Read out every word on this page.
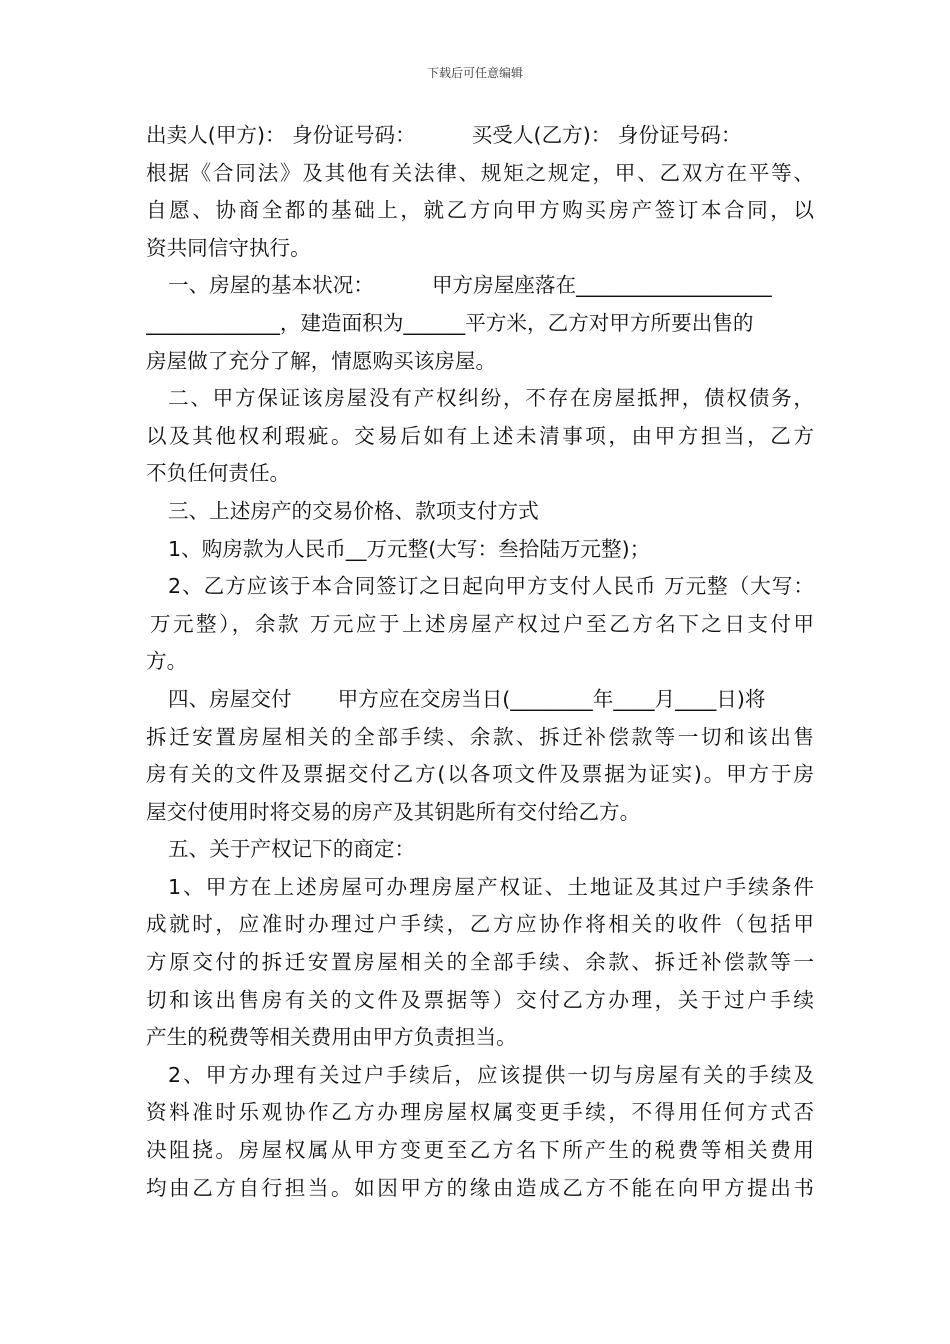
下载后可任意编辑

出卖人(甲方)： 身份证号码：	买受人(乙方)： 身份证号码：

根据《合同法》及其他有关法律、规矩之规定，甲、乙双方在平等、

自愿、协商全都的基础上，就乙方向甲方购买房产签订本合同，以

资共同信守执行。

一、房屋的基本状况：	甲方房屋座落在___________________

_____________，建造面积为______平方米，乙方对甲方所要出售的

房屋做了充分了解，情愿购买该房屋。

二、甲方保证该房屋没有产权纠纷，不存在房屋抵押，债权债务，

以及其他权利瑕疵。交易后如有上述未清事项，由甲方担当，乙方

不负任何责任。

三、上述房产的交易价格、款项支付方式

1、购房款为人民币__万元整(大写：叁拾陆万元整)；

2、乙方应该于本合同签订之日起向甲方支付人民币 万元整（大写：

万元整），余款 万元应于上述房屋产权过户至乙方名下之日支付甲

方。

四、房屋交付 甲方应在交房当日(________年____月____日)将

拆迁安置房屋相关的全部手续、余款、拆迁补偿款等一切和该出售

房有关的文件及票据交付乙方(以各项文件及票据为证实)。甲方于房

屋交付使用时将交易的房产及其钥匙所有交付给乙方。

五、关于产权记下的商定：

1、甲方在上述房屋可办理房屋产权证、土地证及其过户手续条件

成就时，应准时办理过户手续，乙方应协作将相关的收件（包括甲

方原交付的拆迁安置房屋相关的全部手续、余款、拆迁补偿款等一

切和该出售房有关的文件及票据等）交付乙方办理，关于过户手续

产生的税费等相关费用由甲方负责担当。

2、甲方办理有关过户手续后，应该提供一切与房屋有关的手续及

资料准时乐观协作乙方办理房屋权属变更手续，不得用任何方式否

决阻挠。房屋权属从甲方变更至乙方名下所产生的税费等相关费用

均由乙方自行担当。如因甲方的缘由造成乙方不能在向甲方提出书
